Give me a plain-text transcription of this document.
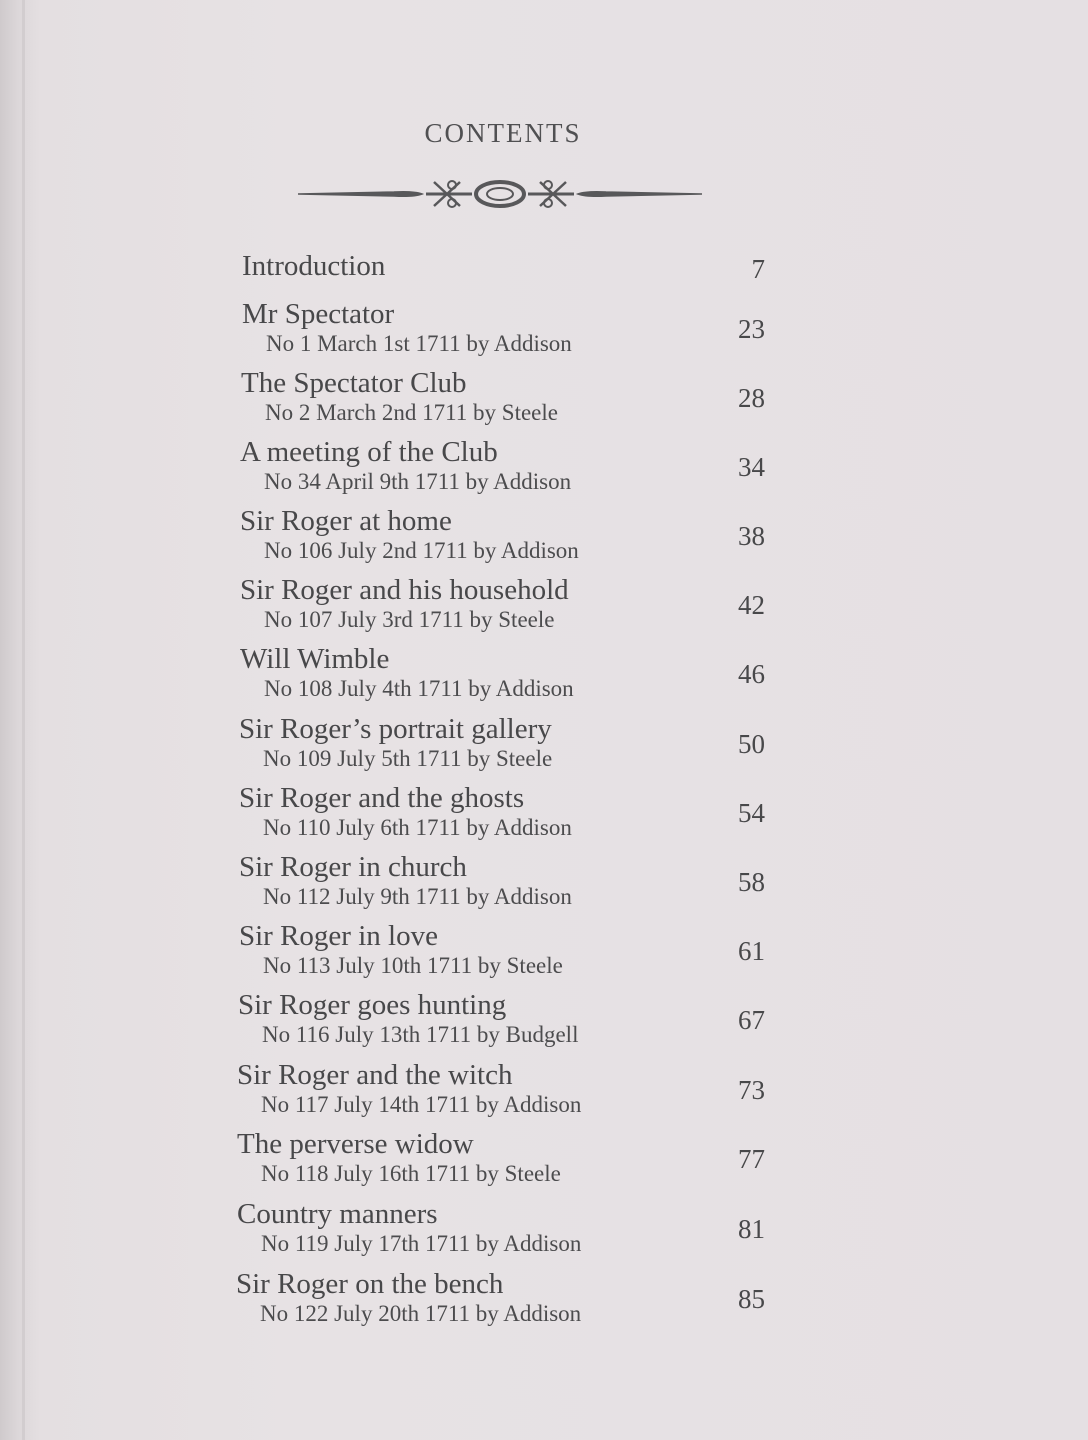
CONTENTS
Introduction	7
Mr Spectator
No 1 March 1st 1711 by Addison	23
The Spectator Club
No 2 March 2nd 1711 by Steele	28
A meeting of the Club
No 34 April 9th 1711 by Addison	34
Sir Roger at home
No 106 July 2nd 1711 by Addison	38
Sir Roger and his household
No 107 July 3rd 1711 by Steele	42
Will Wimble
No 108 July 4th 1711 by Addison	46
Sir Roger’s portrait gallery
No 109 July 5th 1711 by Steele	50
Sir Roger and the ghosts
No 110 July 6th 1711 by Addison	54
Sir Roger in church
No 112 July 9th 1711 by Addison	58
Sir Roger in love
No 113 July 10th 1711 by Steele	61
Sir Roger goes hunting
No 116 July 13th 1711 by Budgell	67
Sir Roger and the witch
No 117 July 14th 1711 by Addison	73
The perverse widow
No 118 July 16th 1711 by Steele	77
Country manners
No 119 July 17th 1711 by Addison	81
Sir Roger on the bench
No 122 July 20th 1711 by Addison	85
